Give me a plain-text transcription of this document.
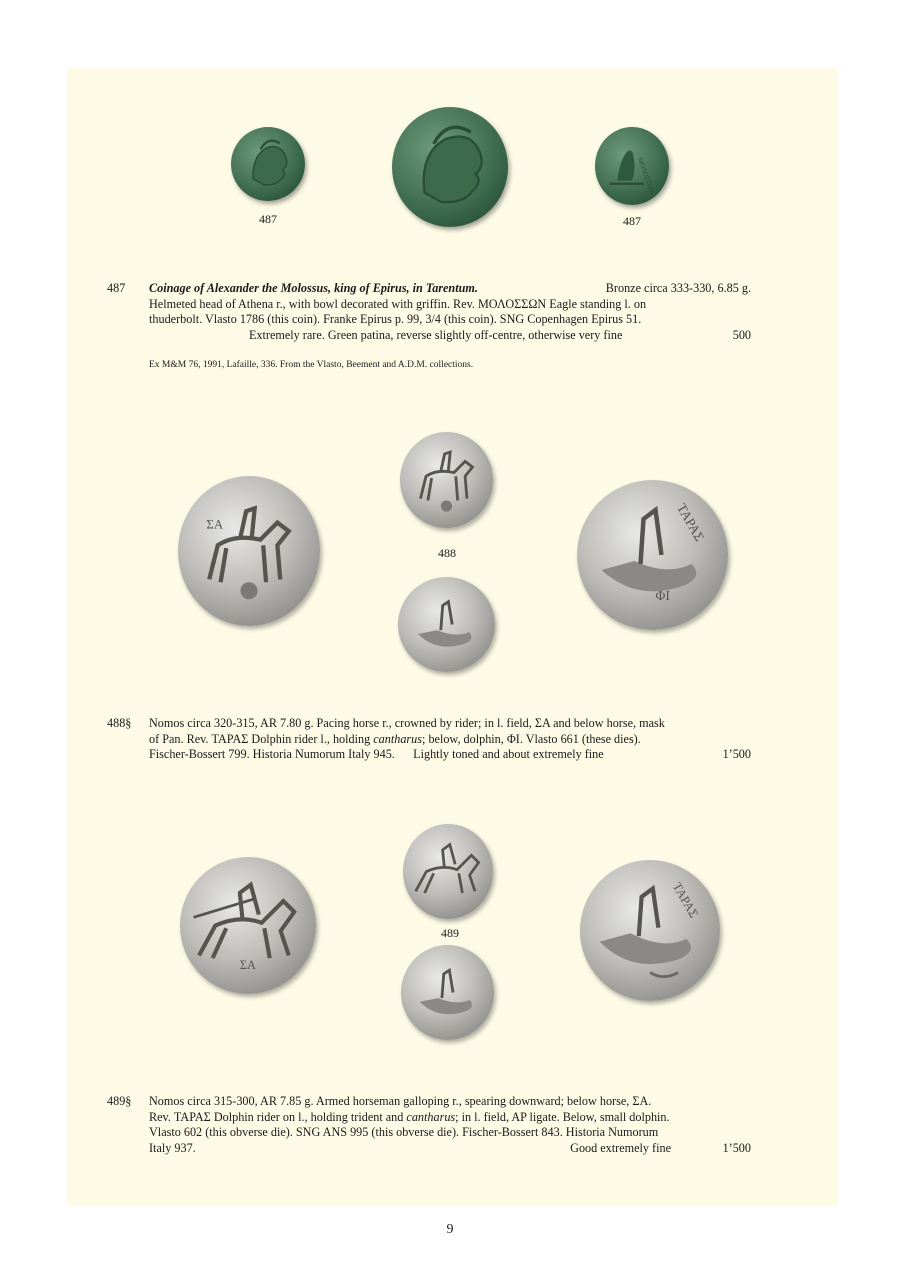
ΜΟΛΟΣΣΩΝ
487	487
487 Coinage of Alexander the Molossus, king of Epirus, in Tarentum.	Bronze circa 333-330, 6.85 g.
Helmeted head of Athena r., with bowl decorated with griffin. Rev. ΜΟΛΟΣΣΩΝ Eagle standing l. on
thuderbolt. Vlasto 1786 (this coin). Franke Epirus p. 99, 3/4 (this coin). SNG Copenhagen Epirus 51.
Extremely rare. Green patina, reverse slightly off-centre, otherwise very fine	500
Ex M&M 76, 1991, Lafaille, 336. From the Vlasto, Beement and A.D.M. collections.
ΣΑ
488
ΤΑΡΑΣ
ΦΙ
488§ Nomos circa 320-315, AR 7.80 g. Pacing horse r., crowned by rider; in l. field, ΣA and below horse, mask
of Pan. Rev. ΤΑΡΑΣ Dolphin rider l., holding cantharus; below, dolphin, ΦI. Vlasto 661 (these dies).
Fischer-Bossert 799. Historia Numorum Italy 945. Lightly toned and about extremely fine	1’500
ΣΑ
489
ΤΑΡΑΣ
489§ Nomos circa 315-300, AR 7.85 g. Armed horseman galloping r., spearing downward; below horse, ΣA.
Rev. ΤΑΡΑΣ Dolphin rider on l., holding trident and cantharus; in l. field, AP ligate. Below, small dolphin.
Vlasto 602 (this obverse die). SNG ANS 995 (this obverse die). Fischer-Bossert 843. Historia Numorum
Italy 937.	Good extremely fine	1’500
9
